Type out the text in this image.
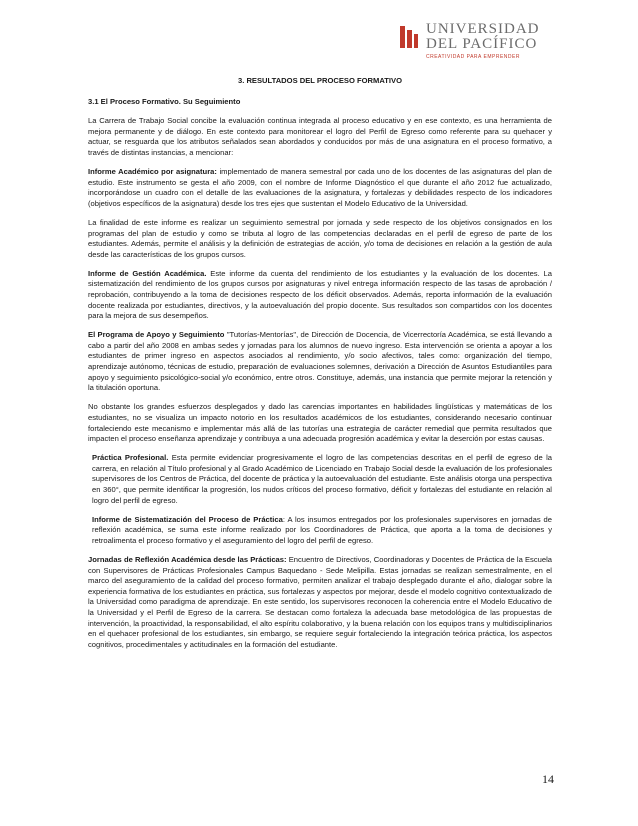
UNIVERSIDAD
DEL PACÍFICO
CREATIVIDAD PARA EMPRENDER
3. RESULTADOS DEL PROCESO FORMATIVO
3.1 El Proceso Formativo. Su Seguimiento

La Carrera de Trabajo Social concibe la evaluación continua integrada al proceso educativo y en ese contexto, es una herramienta de mejora permanente y de diálogo. En este contexto para monitorear el logro del Perfil de Egreso como referente para su quehacer y actuar, se resguarda que los atributos señalados sean abordados y conducidos por más de una asignatura en el proceso formativo, a través de distintas instancias, a mencionar:

Informe Académico por asignatura: implementado de manera semestral por cada uno de los docentes de las asignaturas del plan de estudio. Este instrumento se gesta el año 2009, con el nombre de Informe Diagnóstico el que durante el año 2012 fue actualizado, incorporándose un cuadro con el detalle de las evaluaciones de la asignatura, y fortalezas y debilidades respecto de los indicadores (objetivos específicos de la asignatura) desde los tres ejes que sustentan el Modelo Educativo de la Universidad.

La finalidad de este informe es realizar un seguimiento semestral por jornada y sede respecto de los objetivos consignados en los programas del plan de estudio y como se tributa al logro de las competencias declaradas en el perfil de egreso de parte de los estudiantes. Además, permite el análisis y la definición de estrategias de acción, y/o toma de decisiones en relación a la gestión de aula desde las características de los grupos cursos.

Informe de Gestión Académica. Este informe da cuenta del rendimiento de los estudiantes y la evaluación de los docentes. La sistematización del rendimiento de los grupos cursos por asignaturas y nivel entrega información respecto de las tasas de aprobación / reprobación, contribuyendo a la toma de decisiones respecto de los déficit observados. Además, reporta información de la evaluación docente realizada por estudiantes, directivos, y la autoevaluación del propio docente. Sus resultados son compartidos con los docentes para la mejora de sus desempeños.

El Programa de Apoyo y Seguimiento "Tutorías-Mentorías", de Dirección de Docencia, de Vicerrectoría Académica, se está llevando a cabo a partir del año 2008 en ambas sedes y jornadas para los alumnos de nuevo ingreso. Esta intervención se orienta a apoyar a los estudiantes de primer ingreso en aspectos asociados al rendimiento, y/o socio afectivos, tales como: organización del tiempo, aprendizaje autónomo, técnicas de estudio, preparación de evaluaciones solemnes, derivación a Dirección de Asuntos Estudiantiles para apoyo y seguimiento psicológico-social y/o económico, entre otros. Constituye, además, una instancia que permite mejorar la retención y la titulación oportuna.

No obstante los grandes esfuerzos desplegados y dado las carencias importantes en habilidades lingüísticas y matemáticas de los estudiantes, no se visualiza un impacto notorio en los resultados académicos de los estudiantes, considerando necesario continuar fortaleciendo este mecanismo e implementar más allá de las tutorías una estrategia de carácter remedial que permita resultados que impacten el proceso enseñanza aprendizaje y contribuya a una adecuada progresión académica y evitar la deserción por estas causas.

Práctica Profesional. Esta permite evidenciar progresivamente el logro de las competencias descritas en el perfil de egreso de la carrera, en relación al Título profesional y al Grado Académico de Licenciado en Trabajo Social desde la evaluación de los profesionales supervisores de los Centros de Práctica, del docente de práctica y la autoevaluación del estudiante. Este análisis otorga una perspectiva en 360°, que permite identificar la progresión, los nudos críticos del proceso formativo, déficit y fortalezas del estudiante en relación al logro del perfil de egreso.

Informe de Sistematización del Proceso de Práctica: A los insumos entregados por los profesionales supervisores en jornadas de reflexión académica, se suma este informe realizado por los Coordinadores de Práctica, que aporta a la toma de decisiones y retroalimenta el proceso formativo y el aseguramiento del logro del perfil de egreso.

Jornadas de Reflexión Académica desde las Prácticas: Encuentro de Directivos, Coordinadoras y Docentes de Práctica de la Escuela con Supervisores de Prácticas Profesionales Campus Baquedano - Sede Melipilla. Estas jornadas se realizan semestralmente, en el marco del aseguramiento de la calidad del proceso formativo, permiten analizar el trabajo desplegado durante el año, dialogar sobre la experiencia formativa de los estudiantes en práctica, sus fortalezas y aspectos por mejorar, desde el modelo cognitivo contextualizado de la Universidad como paradigma de aprendizaje. En este sentido, los supervisores reconocen la coherencia entre el Modelo Educativo de la Universidad y el Perfil de Egreso de la carrera. Se destacan como fortaleza la adecuada base metodológica de las propuestas de intervención, la proactividad, la responsabilidad, el alto espíritu colaborativo, y la buena relación con los equipos trans y multidisciplinarios en el quehacer profesional de los estudiantes, sin embargo, se requiere seguir fortaleciendo la integración teórica práctica, los aspectos cognitivos, procedimentales y actitudinales en la formación del estudiante.

14
